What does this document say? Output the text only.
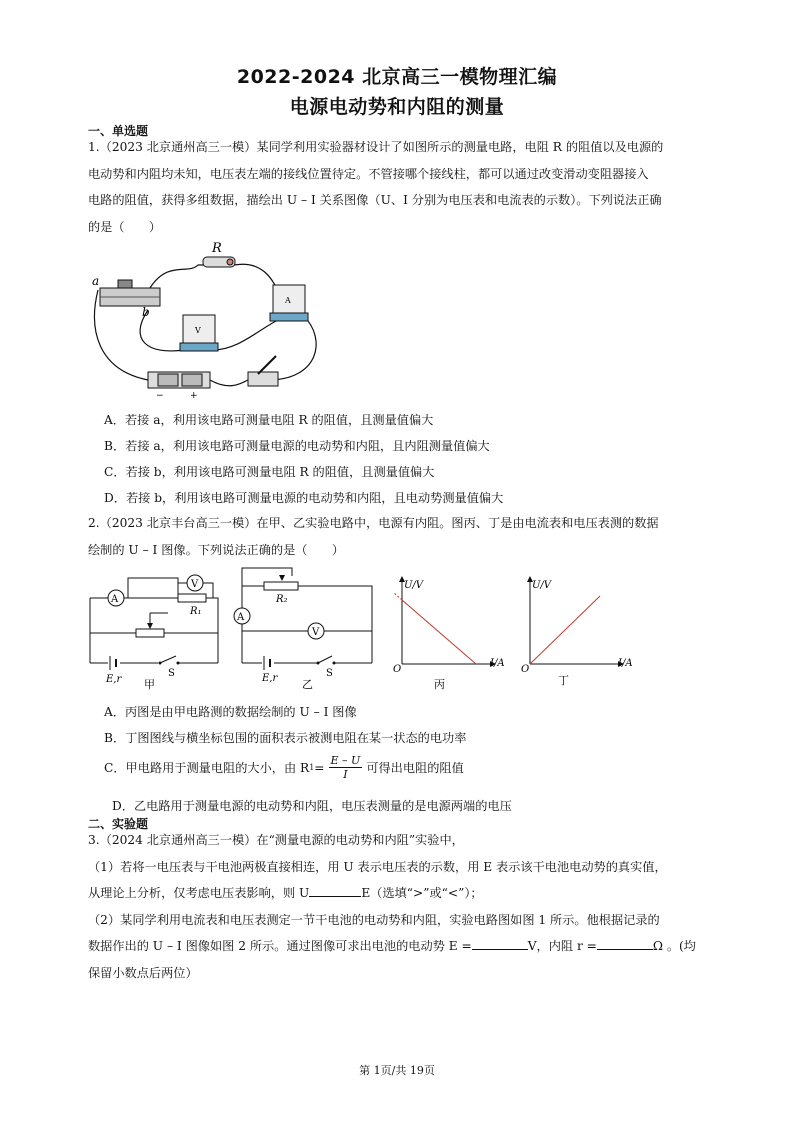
2022-2024 北京高三一模物理汇编
电源电动势和内阻的测量
一、单选题
1.（2023 北京通州高三一模）某同学利用实验器材设计了如图所示的测量电路，电阻 R 的阻值以及电源的
电动势和内阻均未知，电压表左端的接线位置待定。不管接哪个接线柱，都可以通过改变滑动变阻器接入
电路的阻值，获得多组数据，描绘出 U – I 关系图像（U、I 分别为电压表和电流表的示数）。下列说法正确
的是（　　）
a
b
R
A
V
−	+
A．若接 a，利用该电路可测量电阻 R 的阻值，且测量值偏大
B．若接 a，利用该电路可测量电源的电动势和内阻，且内阻测量值偏大
C．若接 b，利用该电路可测量电阻 R 的阻值，且测量值偏大
D．若接 b，利用该电路可测量电源的电动势和内阻，且电动势测量值偏大
2.（2023 北京丰台高三一模）在甲、乙实验电路中，电源有内阻。图丙、丁是由电流表和电压表测的数据
绘制的 U – I 图像。下列说法正确的是（　　）
A
V
R₁
E,r
S
甲
R₂
A
V
E,r	S
乙
U/V
I/A
O
丙
U/V
I/A
O
丁
A．丙图是由甲电路测的数据绘制的 U – I 图像
B．丁图图线与横坐标包围的面积表示被测电阻在某一状态的电功率
C．甲电路用于测量电阻的大小，由 R $1 = \frac{E - U}{I}$ 可得出电阻的阻值
D．乙电路用于测量电源的电动势和内阻，电压表测量的是电源两端的电压
二、实验题
3.（2024 北京通州高三一模）在“测量电源的电动势和内阻”实验中，
（1）若将一电压表与干电池两极直接相连，用 U 表示电压表的示数，用 E 表示该干电池电动势的真实值，
从理论上分析，仅考虑电压表影响，则 U	E（选填“>”或“<”）；
（2）某同学利用电流表和电压表测定一节干电池的电动势和内阻，实验电路图如图 1 所示。他根据记录的
数据作出的 U – I 图像如图 2 所示。通过图像可求出电池的电动势 E =	V，内阻 r =	Ω 。(均
保留小数点后两位）
第 1页/共 19页
